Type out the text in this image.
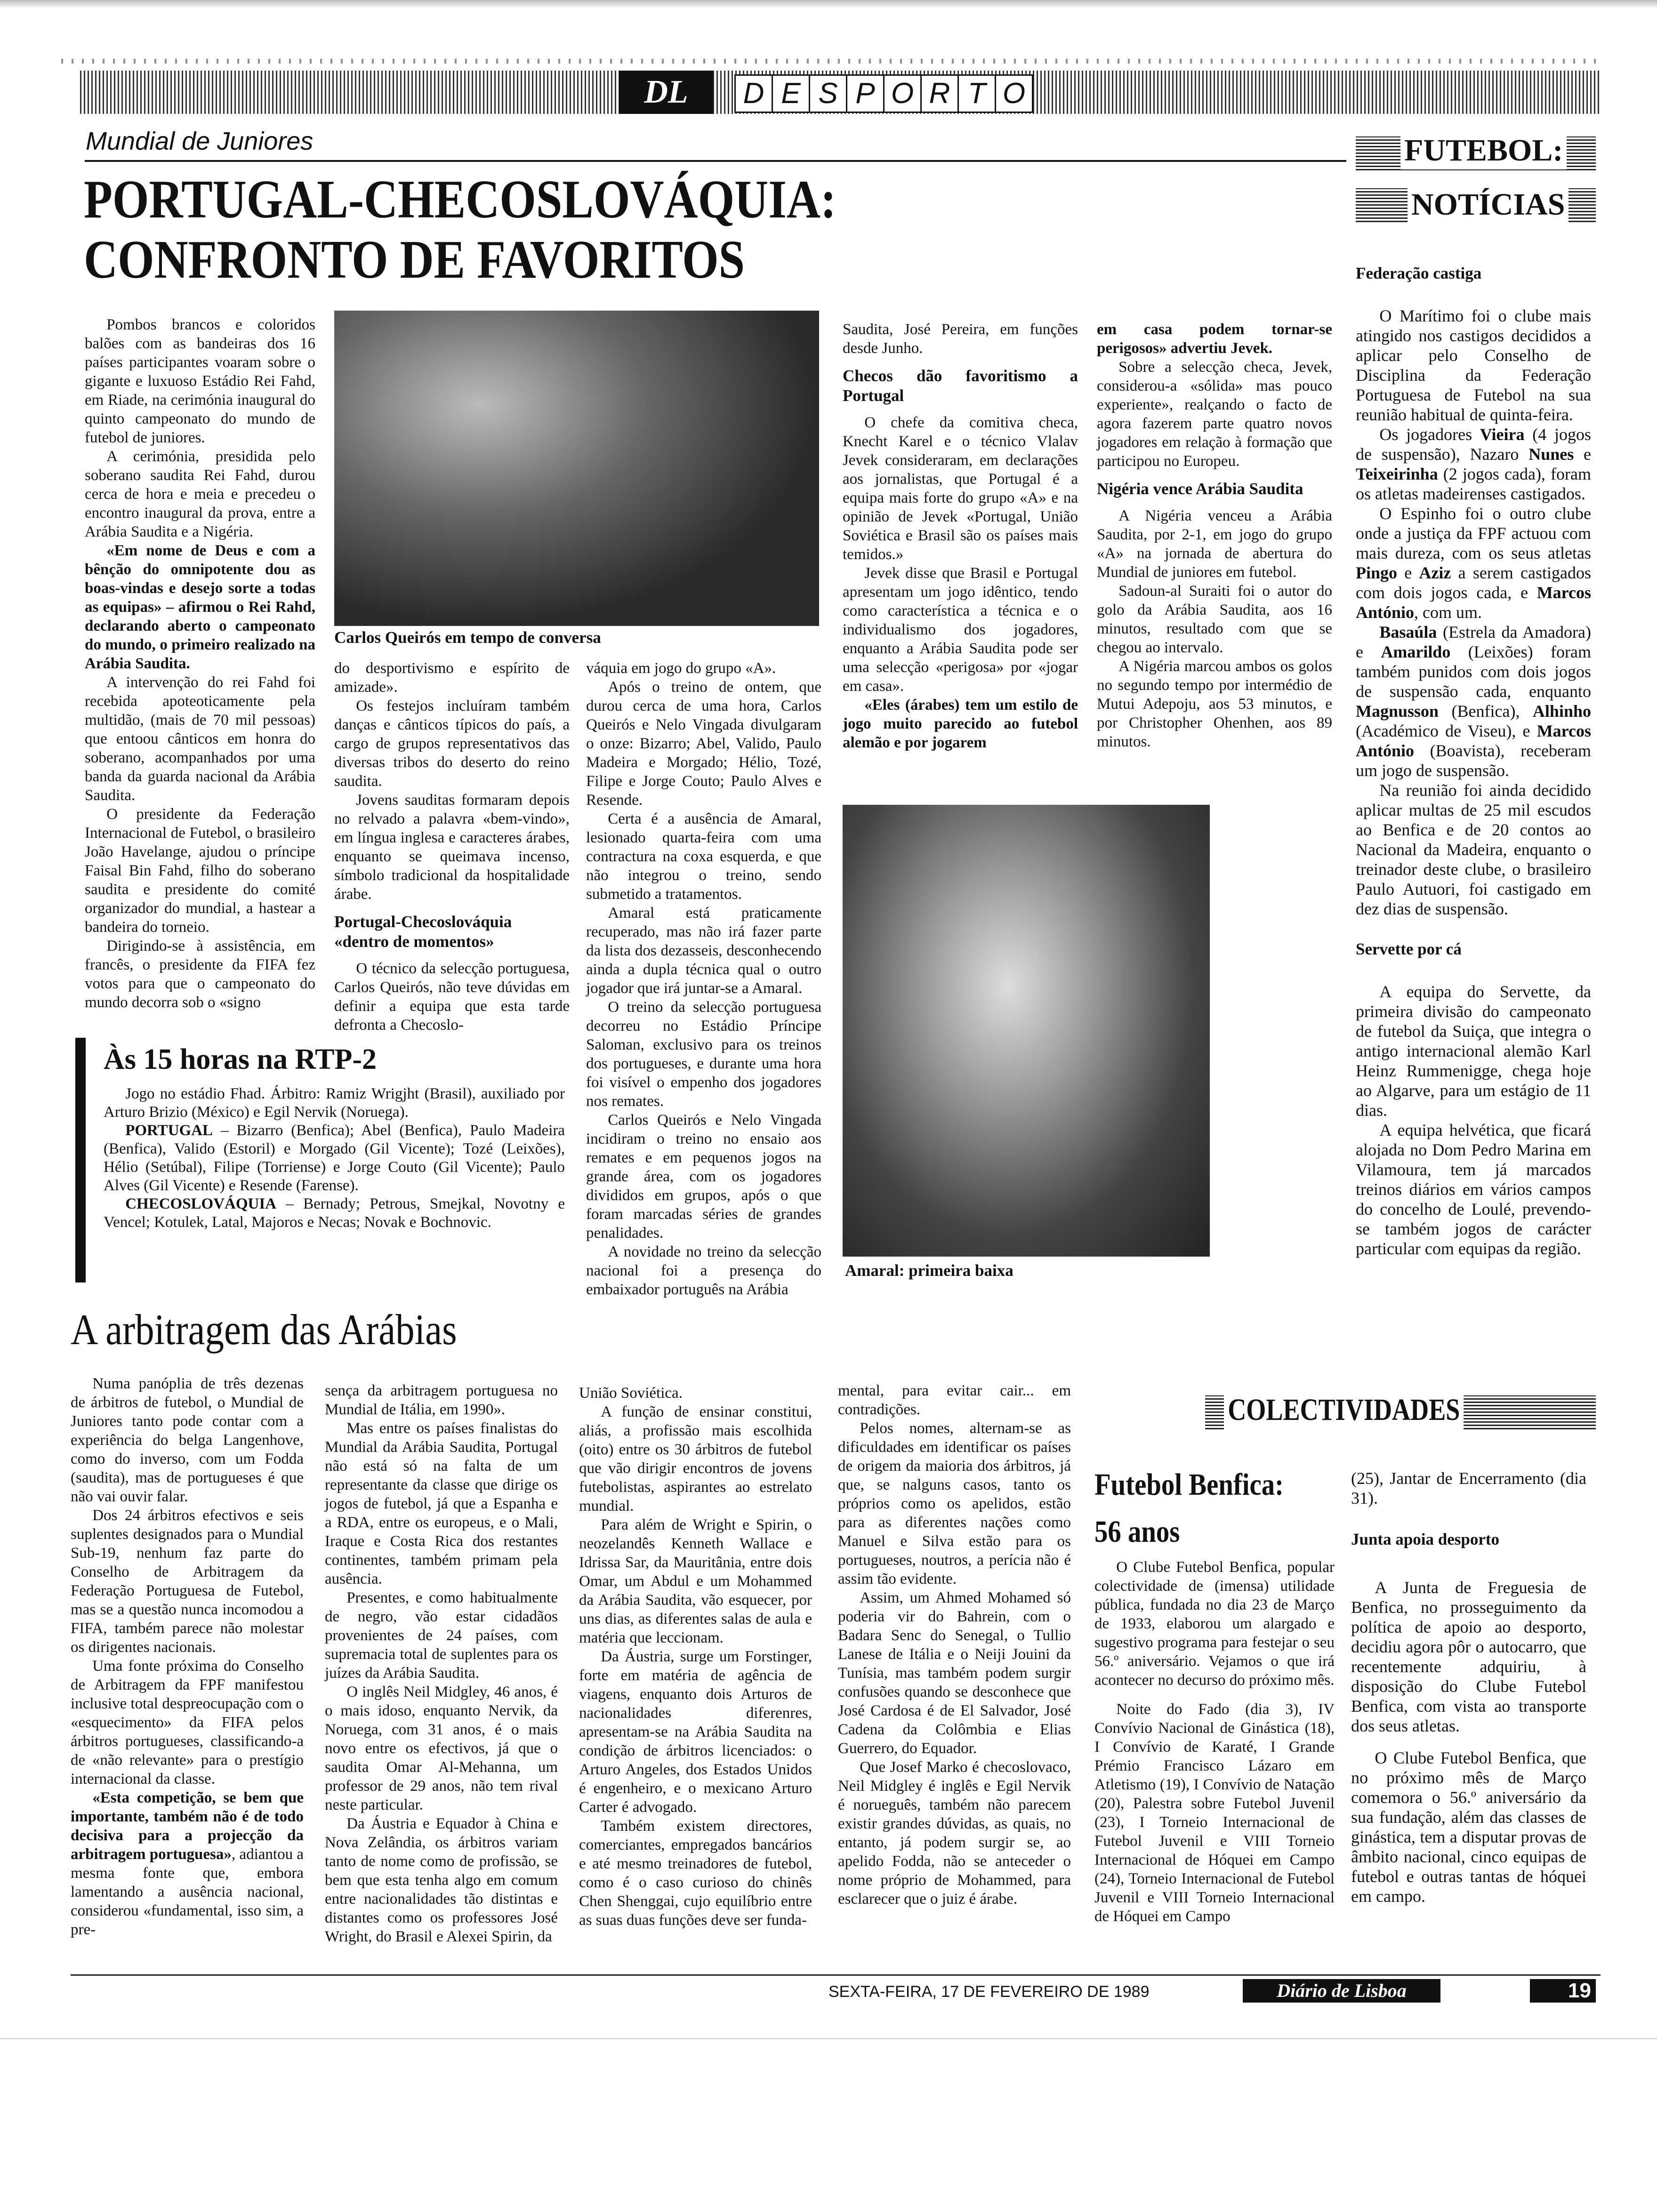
DL	D E S P O R T O
Mundial de Juniores
PORTUGAL-CHECOSLOVÁQUIA:
CONFRONTO DE FAVORITOS
Carlos Queirós em tempo de conversa
Amaral: primeira baixa

Pombos brancos e coloridos balões com as bandeiras dos 16 países participantes voaram sobre o gigante e luxuoso Estádio Rei Fahd, em Riade, na cerimónia inaugural do quinto campeonato do mundo de futebol de juniores.

A cerimónia, presidida pelo soberano saudita Rei Fahd, durou cerca de hora e meia e precedeu o encontro inaugural da prova, entre a Arábia Saudita e a Nigéria.

«Em nome de Deus e com a bênção do omnipotente dou as boas-vindas e desejo sorte a todas as equipas» – afirmou o Rei Rahd, declarando aberto o campeonato do mundo, o primeiro realizado na Arábia Saudita.

A intervenção do rei Fahd foi recebida apoteoticamente pela multidão, (mais de 70 mil pessoas) que entoou cânticos em honra do soberano, acompanhados por uma banda da guarda nacional da Arábia Saudita.

O presidente da Federação Internacional de Futebol, o brasileiro João Havelange, ajudou o príncipe Faisal Bin Fahd, filho do soberano saudita e presidente do comité organizador do mundial, a hastear a bandeira do torneio.

Dirigindo-se à assistência, em francês, o presidente da FIFA fez votos para que o campeonato do mundo decorra sob o «signo

do desportivismo e espírito de amizade».

Os festejos incluíram também danças e cânticos típicos do país, a cargo de grupos representativos das diversas tribos do deserto do reino saudita.

Jovens sauditas formaram depois no relvado a palavra «bem-vindo», em língua inglesa e caracteres árabes, enquanto se queimava incenso, símbolo tradicional da hospitalidade árabe.

Portugal-Checoslováquia «dentro de momentos»

O técnico da selecção portuguesa, Carlos Queirós, não teve dúvidas em definir a equipa que esta tarde defronta a Checoslo-

váquia em jogo do grupo «A».

Após o treino de ontem, que durou cerca de uma hora, Carlos Queirós e Nelo Vingada divulgaram o onze: Bizarro; Abel, Valido, Paulo Madeira e Morgado; Hélio, Tozé, Filipe e Jorge Couto; Paulo Alves e Resende.

Certa é a ausência de Amaral, lesionado quarta-feira com uma contractura na coxa esquerda, e que não integrou o treino, sendo submetido a tratamentos.

Amaral está praticamente recuperado, mas não irá fazer parte da lista dos dezasseis, desconhecendo ainda a dupla técnica qual o outro jogador que irá juntar-se a Amaral.

O treino da selecção portuguesa decorreu no Estádio Príncipe Saloman, exclusivo para os treinos dos portugueses, e durante uma hora foi visível o empenho dos jogadores nos remates.

Carlos Queirós e Nelo Vingada incidiram o treino no ensaio aos remates e em pequenos jogos na grande área, com os jogadores divididos em grupos, após o que foram marcadas séries de grandes penalidades.

A novidade no treino da selecção nacional foi a presença do embaixador português na Arábia

Saudita, José Pereira, em funções desde Junho.

Checos dão favoritismo a Portugal

O chefe da comitiva checa, Knecht Karel e o técnico Vlalav Jevek consideraram, em declarações aos jornalistas, que Portugal é a equipa mais forte do grupo «A» e na opinião de Jevek «Portugal, União Soviética e Brasil são os países mais temidos.»

Jevek disse que Brasil e Portugal apresentam um jogo idêntico, tendo como característica a técnica e o individualismo dos jogadores, enquanto a Arábia Saudita pode ser uma selecção «perigosa» por «jogar em casa».

«Eles (árabes) tem um estilo de jogo muito parecido ao futebol alemão e por jogarem

em casa podem tornar-se perigosos» advertiu Jevek.

Sobre a selecção checa, Jevek, considerou-a «sólida» mas pouco experiente», realçando o facto de agora fazerem parte quatro novos jogadores em relação à formação que participou no Europeu.

Nigéria vence Arábia Saudita

A Nigéria venceu a Arábia Saudita, por 2-1, em jogo do grupo «A» na jornada de abertura do Mundial de juniores em futebol.

Sadoun-al Suraiti foi o autor do golo da Arábia Saudita, aos 16 minutos, resultado com que se chegou ao intervalo.

A Nigéria marcou ambos os golos no segundo tempo por intermédio de Mutui Adepoju, aos 53 minutos, e por Christopher Ohenhen, aos 89 minutos.

Às 15 horas na RTP-2

Jogo no estádio Fhad. Árbitro: Ramiz Wrigjht (Brasil), auxiliado por Arturo Brizio (México) e Egil Nervik (Noruega).

PORTUGAL – Bizarro (Benfica); Abel (Benfica), Paulo Madeira (Benfica), Valido (Estoril) e Morgado (Gil Vicente); Tozé (Leixões), Hélio (Setúbal), Filipe (Torriense) e Jorge Couto (Gil Vicente); Paulo Alves (Gil Vicente) e Resende (Farense).

CHECOSLOVÁQUIA – Bernady; Petrous, Smejkal, Novotny e Vencel; Kotulek, Latal, Majoros e Necas; Novak e Bochnovic.

A arbitragem das Arábias

Numa panóplia de três dezenas de árbitros de futebol, o Mundial de Juniores tanto pode contar com a experiência do belga Langenhove, como do inverso, com um Fodda (saudita), mas de portugueses é que não vai ouvir falar.

Dos 24 árbitros efectivos e seis suplentes designados para o Mundial Sub-19, nenhum faz parte do Conselho de Arbitragem da Federação Portuguesa de Futebol, mas se a questão nunca incomodou a FIFA, também parece não molestar os dirigentes nacionais.

Uma fonte próxima do Conselho de Arbitragem da FPF manifestou inclusive total despreocupação com o «esquecimento» da FIFA pelos árbitros portugueses, classificando-a de «não relevante» para o prestígio internacional da classe.

«Esta competição, se bem que importante, também não é de todo decisiva para a projecção da arbitragem portuguesa», adiantou a mesma fonte que, embora lamentando a ausência nacional, considerou «fundamental, isso sim, a pre-

sença da arbitragem portuguesa no Mundial de Itália, em 1990».

Mas entre os países finalistas do Mundial da Arábia Saudita, Portugal não está só na falta de um representante da classe que dirige os jogos de futebol, já que a Espanha e a RDA, entre os europeus, e o Mali, Iraque e Costa Rica dos restantes continentes, também primam pela ausência.

Presentes, e como habitualmente de negro, vão estar cidadãos provenientes de 24 países, com supremacia total de suplentes para os juízes da Arábia Saudita.

O inglês Neil Midgley, 46 anos, é o mais idoso, enquanto Nervik, da Noruega, com 31 anos, é o mais novo entre os efectivos, já que o saudita Omar Al-Mehanna, um professor de 29 anos, não tem rival neste particular.

Da Áustria e Equador à China e Nova Zelândia, os árbitros variam tanto de nome como de profissão, se bem que esta tenha algo em comum entre nacionalidades tão distintas e distantes como os professores José Wright, do Brasil e Alexei Spirin, da

União Soviética.

A função de ensinar constitui, aliás, a profissão mais escolhida (oito) entre os 30 árbitros de futebol que vão dirigir encontros de jovens futebolistas, aspirantes ao estrelato mundial.

Para além de Wright e Spirin, o neozelandês Kenneth Wallace e Idrissa Sar, da Mauritânia, entre dois Omar, um Abdul e um Mohammed da Arábia Saudita, vão esquecer, por uns dias, as diferentes salas de aula e matéria que leccionam.

Da Áustria, surge um Forstinger, forte em matéria de agência de viagens, enquanto dois Arturos de nacionalidades diferenres, apresentam-se na Arábia Saudita na condição de árbitros licenciados: o Arturo Angeles, dos Estados Unidos é engenheiro, e o mexicano Arturo Carter é advogado.

Também existem directores, comerciantes, empregados bancários e até mesmo treinadores de futebol, como é o caso curioso do chinês Chen Shenggai, cujo equilíbrio entre as suas duas funções deve ser funda-

mental, para evitar cair... em contradições.

Pelos nomes, alternam-se as dificuldades em identificar os países de origem da maioria dos árbitros, já que, se nalguns casos, tanto os próprios como os apelidos, estão para as diferentes nações como Manuel e Silva estão para os portugueses, noutros, a perícia não é assim tão evidente.

Assim, um Ahmed Mohamed só poderia vir do Bahrein, com o Badara Senc do Senegal, o Tullio Lanese de Itália e o Neiji Jouini da Tunísia, mas também podem surgir confusões quando se desconhece que José Cardosa é de El Salvador, José Cadena da Colômbia e Elias Guerrero, do Equador.

Que Josef Marko é checoslovaco, Neil Midgley é inglês e Egil Nervik é norueguês, também não parecem existir grandes dúvidas, as quais, no entanto, já podem surgir se, ao apelido Fodda, não se anteceder o nome próprio de Mohammed, para esclarecer que o juiz é árabe.

FUTEBOL:
NOTÍCIAS
Federação castiga

O Marítimo foi o clube mais atingido nos castigos decididos a aplicar pelo Conselho de Disciplina da Federação Portuguesa de Futebol na sua reunião habitual de quinta-feira.

Os jogadores Vieira (4 jogos de suspensão), Nazaro Nunes e Teixeirinha (2 jogos cada), foram os atletas madeirenses castigados.

O Espinho foi o outro clube onde a justiça da FPF actuou com mais dureza, com os seus atletas Pingo e Aziz a serem castigados com dois jogos cada, e Marcos António, com um.

Basaúla (Estrela da Amadora) e Amarildo (Leixões) foram também punidos com dois jogos de suspensão cada, enquanto Magnusson (Benfica), Alhinho (Académico de Viseu), e Marcos António (Boavista), receberam um jogo de suspensão.

Na reunião foi ainda decidido aplicar multas de 25 mil escudos ao Benfica e de 20 contos ao Nacional da Madeira, enquanto o treinador deste clube, o brasileiro Paulo Autuori, foi castigado em dez dias de suspensão.

Servette por cá

A equipa do Servette, da primeira divisão do campeonato de futebol da Suiça, que integra o antigo internacional alemão Karl Heinz Rummenigge, chega hoje ao Algarve, para um estágio de 11 dias.

A equipa helvética, que ficará alojada no Dom Pedro Marina em Vilamoura, tem já marcados treinos diários em vários campos do concelho de Loulé, prevendo-se também jogos de carácter particular com equipas da região.

COLECTIVIDADES
Futebol Benfica:
56 anos

O Clube Futebol Benfica, popular colectividade de (imensa) utilidade pública, fundada no dia 23 de Março de 1933, elaborou um alargado e sugestivo programa para festejar o seu 56.º aniversário. Vejamos o que irá acontecer no decurso do próximo mês.

Noite do Fado (dia 3), IV Convívio Nacional de Ginástica (18), I Convívio de Karaté, I Grande Prémio Francisco Lázaro em Atletismo (19), I Convívio de Natação (20), Palestra sobre Futebol Juvenil (23), I Torneio Internacional de Futebol Juvenil e VIII Torneio Internacional de Hóquei em Campo (24), Torneio Internacional de Futebol Juvenil e VIII Torneio Internacional de Hóquei em Campo

(25), Jantar de Encerramento (dia 31).

Junta apoia desporto

A Junta de Freguesia de Benfica, no prosseguimento da política de apoio ao desporto, decidiu agora pôr o autocarro, que recentemente adquiriu, à disposição do Clube Futebol Benfica, com vista ao transporte dos seus atletas.

O Clube Futebol Benfica, que no próximo mês de Março comemora o 56.º aniversário da sua fundação, além das classes de ginástica, tem a disputar provas de âmbito nacional, cinco equipas de futebol e outras tantas de hóquei em campo.

SEXTA-FEIRA, 17 DE FEVEREIRO DE 1989	Diário de Lisboa	19
